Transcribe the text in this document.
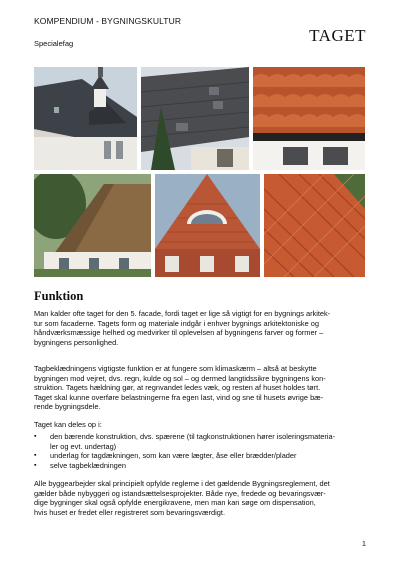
KOMPENDIUM - BYGNINGSKULTUR
Specialefag	TAGET
Funktion

Man kalder ofte taget for den 5. facade, fordi taget er lige så vigtigt for en bygnings arkitek-
tur som facaderne. Tagets form og materiale indgår i enhver bygnings arkitektoniske og
håndværksmæssige helhed og medvirker til oplevelsen af bygningens farver og former –
bygningens personlighed.

Tagbeklædningens vigtigste funktion er at fungere som klimaskærm – altså at beskytte
bygningen mod vejret, dvs. regn, kulde og sol – og dermed langtidssikre bygningens kon-
struktion. Tagets hældning gør, at regnvandet ledes væk, og resten af huset holdes tørt.
Taget skal kunne overføre belastningerne fra egen last, vind og sne til husets øvrige bæ-
rende bygningsdele.

Taget kan deles op i:

▪ den bærende konstruktion, dvs. spærene (til tagkonstruktionen hører isoleringsmateria-
ler og evt. undertag)
▪ underlag for tagdækningen, som kan være lægter, åse eller brædder/plader
▪ selve tagbeklædningen

Alle byggearbejder skal principielt opfylde reglerne i det gældende Bygningsreglement, det
gælder både nybyggeri og istandsættelsesprojekter. Både nye, fredede og bevaringsvær-
dige bygninger skal også opfylde energikravene, men man kan søge om dispensation,
hvis huset er fredet eller registreret som bevaringsværdigt.

1
